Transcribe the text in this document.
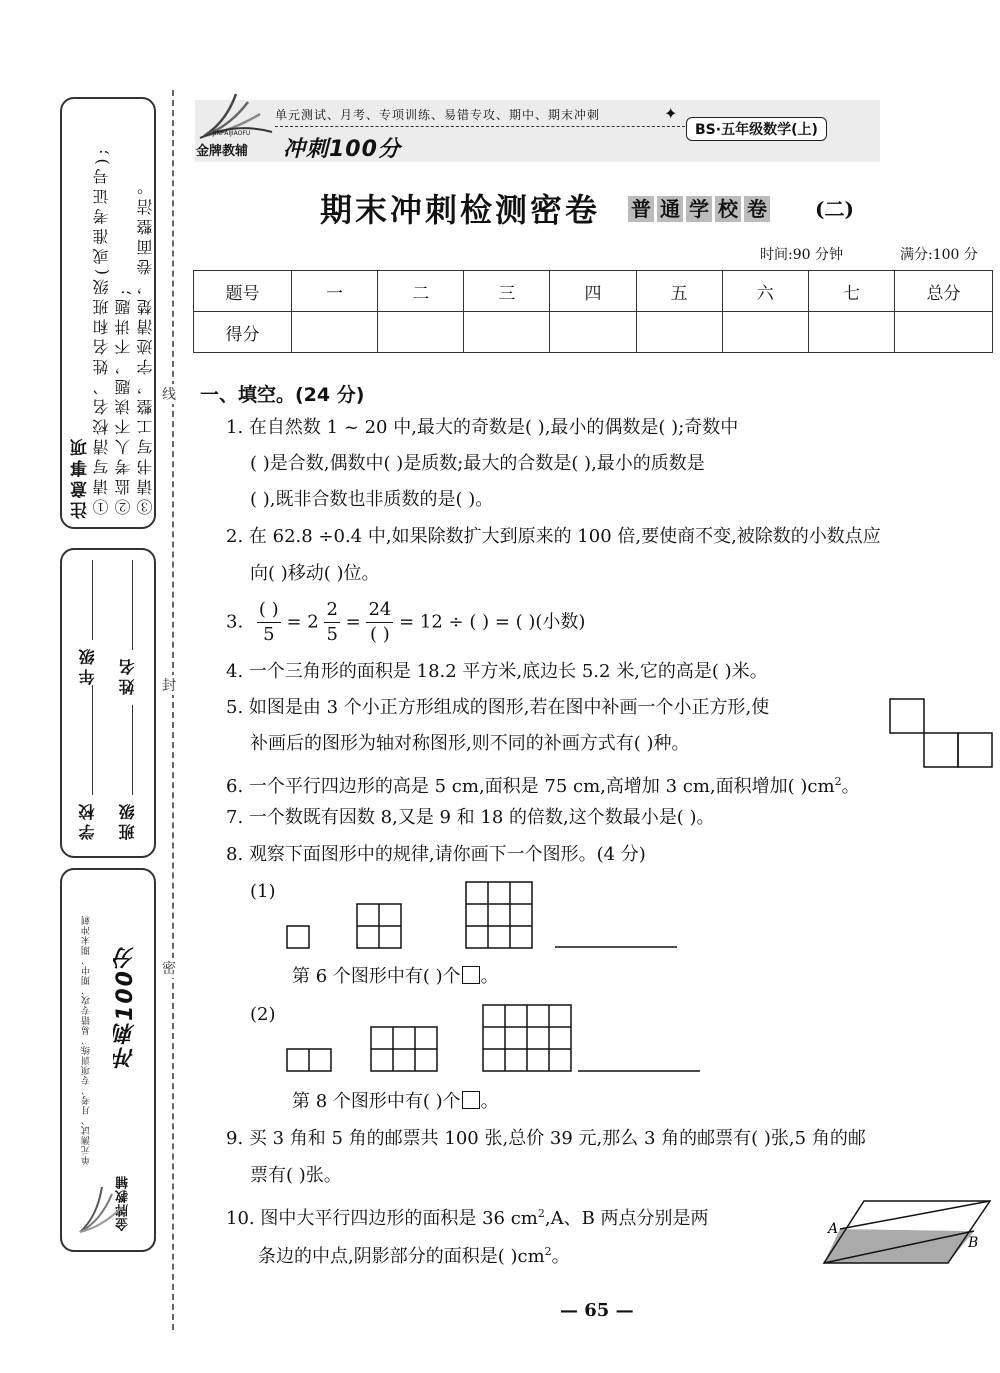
注意事项 ①请写清校名、姓名和班级(或准考证号); ②监考人不读题，不讲题; ③请书写工整，字迹清楚，卷面整洁。
学校
年级
班级
姓名
单元测试、月考、专项训练、易错专攻、期中、期末冲刺 冲刺100分
金牌教辅
线
封
密
单元测试、月考、专项训练、易错专攻、期中、期末冲刺	✦
BS·五年级数学(上)
金牌教辅
JINPAIJIAOFU
冲刺100分
期末冲刺检测密卷 普 通 学 校 卷	(二)
时间:90 分钟	满分:100 分
题号	一	二	三	四	五	六	七	总分
得分								
一、填空。(24 分)
1. 在自然数 1 ~ 20 中,最大的奇数是( ),最小的偶数是( );奇数中
( )是合数,偶数中( )是质数;最大的合数是( ),最小的质数是
( ),既非合数也非质数的是( )。
2. 在 62.8 ÷0.4 中,如果除数扩大到原来的 100 倍,要使商不变,被除数的小数点应
向( )移动( )位。
3. $\frac{( )}{5} = 2 \frac{2}{5} = \frac{24}{( )} = 12$ ÷ ( ) = ( )(小数)
4. 一个三角形的面积是 18.2 平方米,底边长 5.2 米,它的高是( )米。
5. 如图是由 3 个小正方形组成的图形,若在图中补画一个小正方形,使
补画后的图形为轴对称图形,则不同的补画方式有( )种。
6. 一个平行四边形的高是 5 cm,面积是 75 cm,高增加 3 cm,面积增加( )$cm^2$。
7. 一个数既有因数 8,又是 9 和 18 的倍数,这个数最小是( )。
8. 观察下面图形中的规律,请你画下一个图形。(4 分)
(1)
第 6 个图形中有( )个 。
(2)
第 8 个图形中有( )个 。
9. 买 3 角和 5 角的邮票共 100 张,总价 39 元,那么 3 角的邮票有( )张,5 角的邮
票有( )张。
10. 图中大平行四边形的面积是 36 $cm^2,A$、B 两点分别是两
条边的中点,阴影部分的面积是( )$cm^2$。
A
B
— 65 —
